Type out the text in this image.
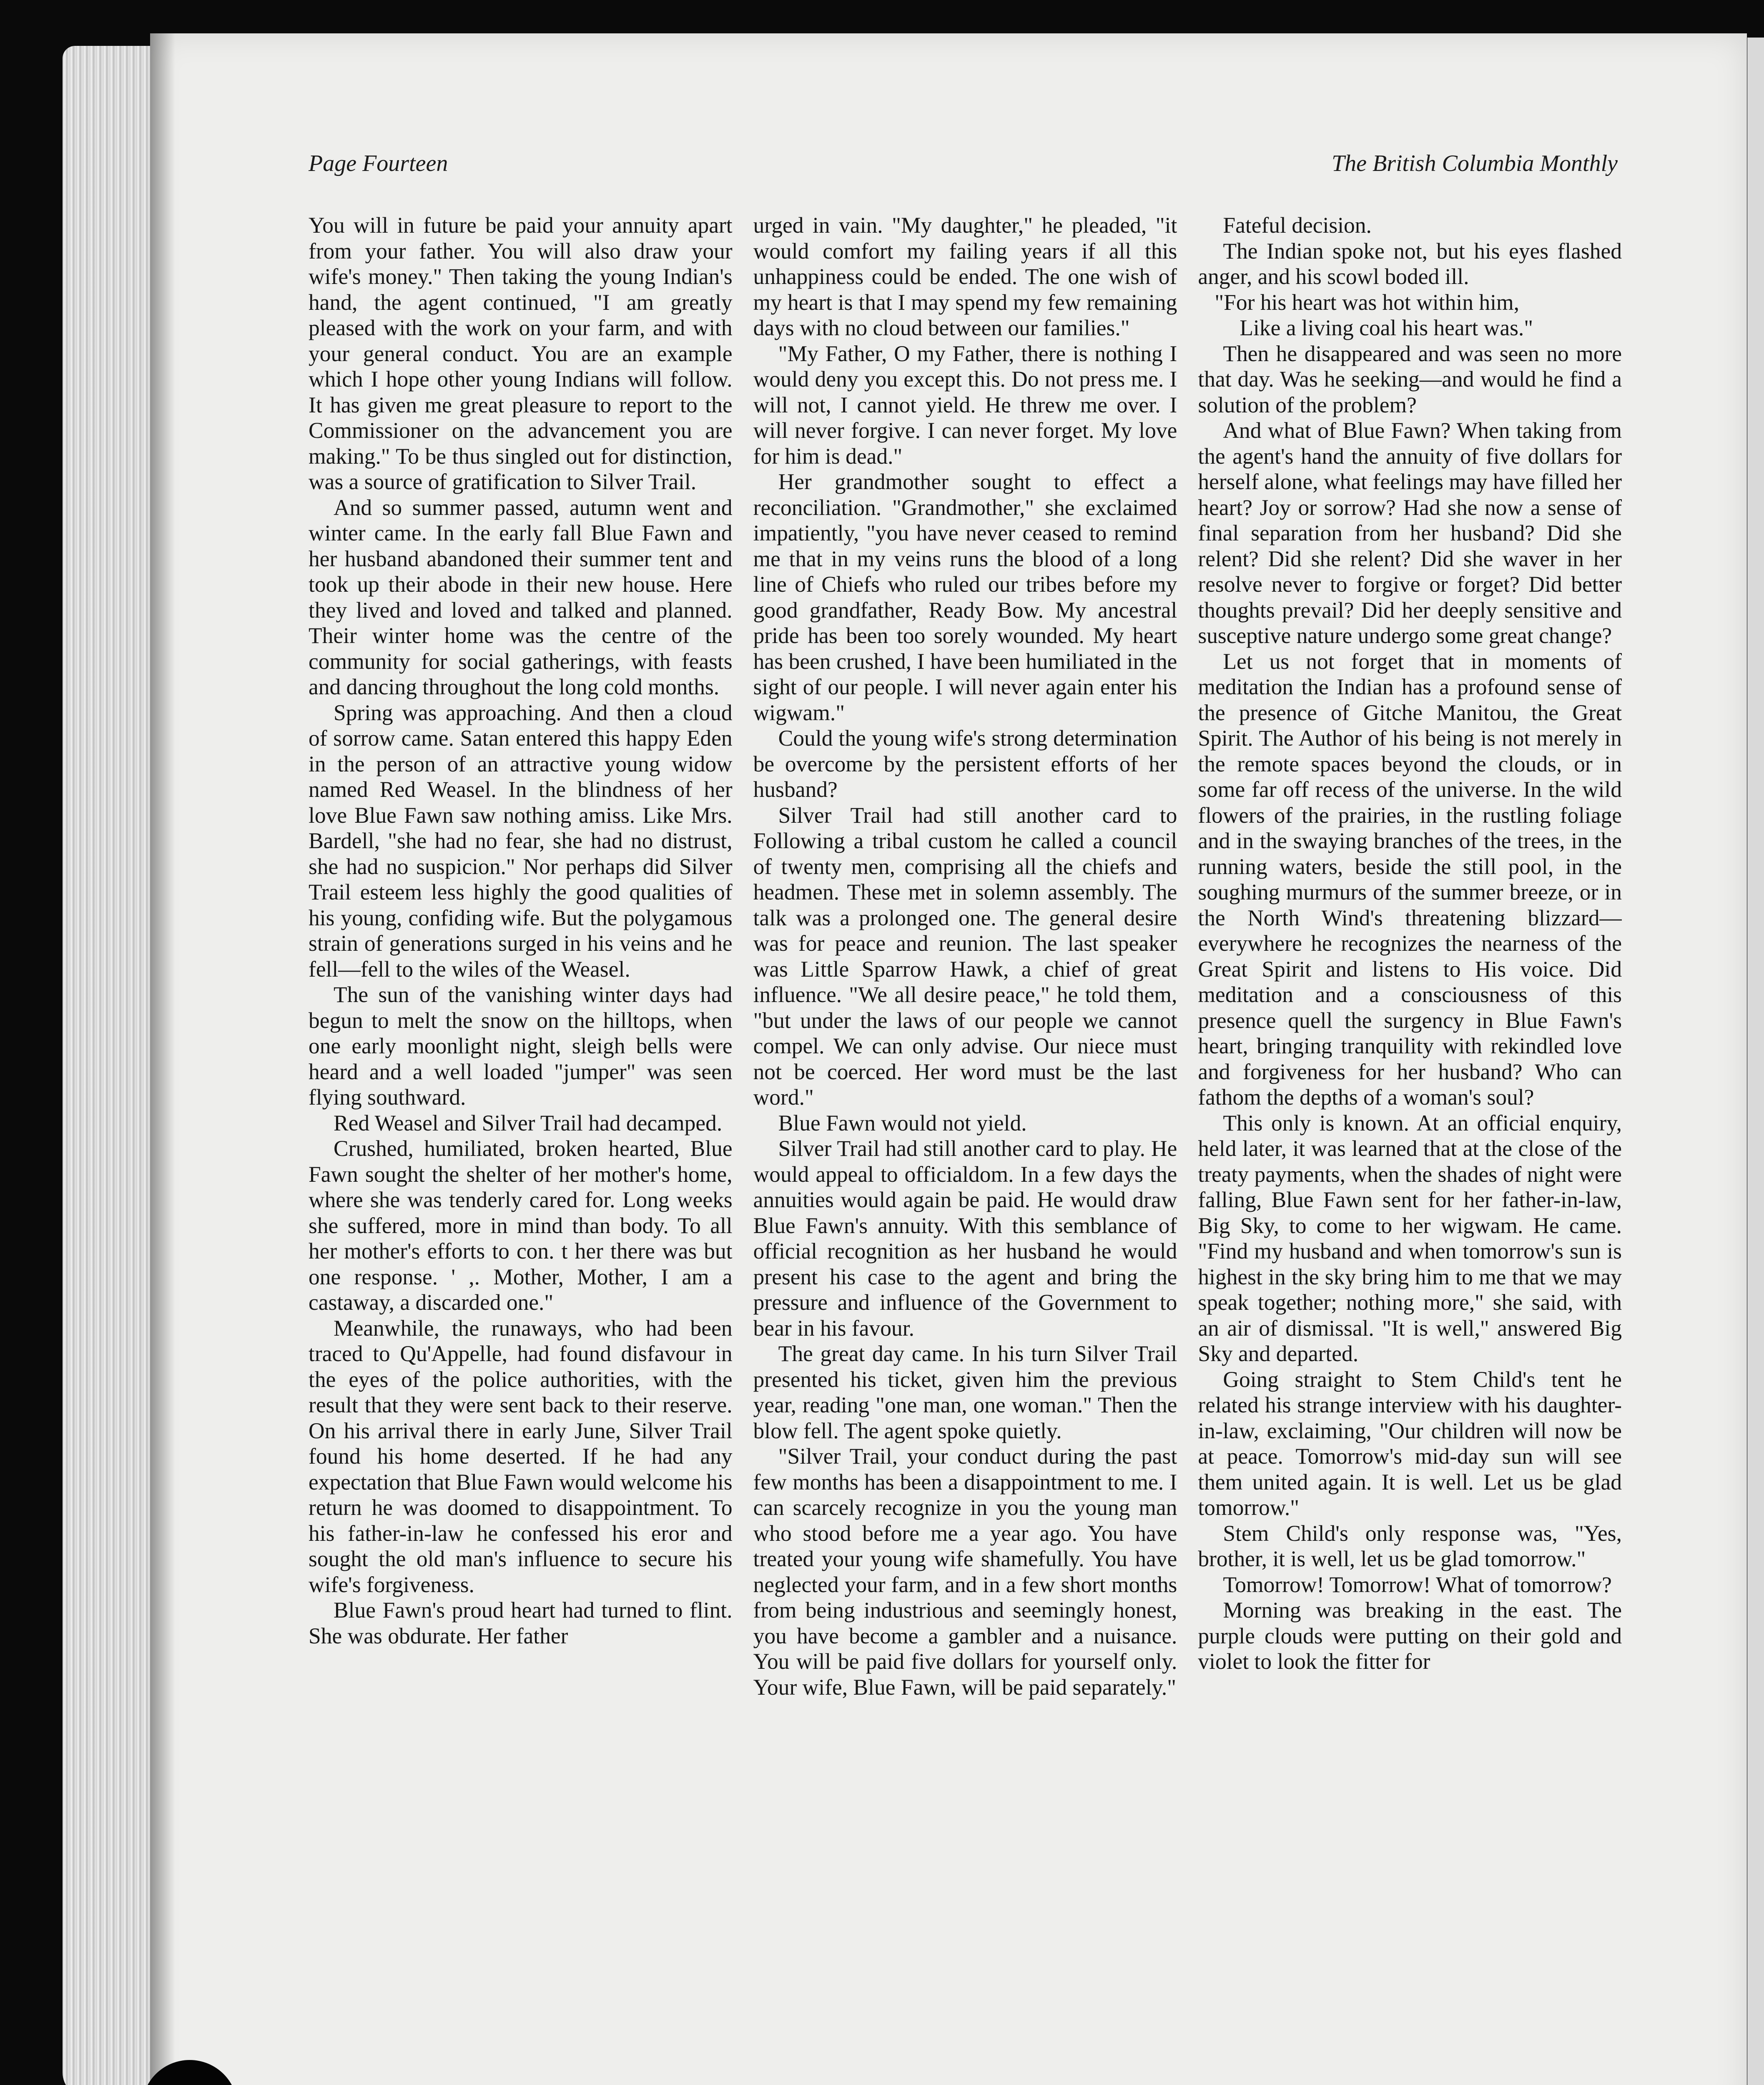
Page Fourteen	The British Columbia Monthly

You will in future be paid your annuity apart from your father. You will also draw your wife's money." Then taking the young Indian's hand, the agent continued, "I am greatly pleased with the work on your farm, and with your general conduct. You are an example which I hope other young Indians will follow. It has given me great pleasure to report to the Commissioner on the advancement you are making." To be thus singled out for distinction, was a source of gratification to Silver Trail.

And so summer passed, autumn went and winter came. In the early fall Blue Fawn and her husband abandoned their summer tent and took up their abode in their new house. Here they lived and loved and talked and planned. Their winter home was the centre of the community for social gatherings, with feasts and dancing throughout the long cold months.

Spring was approaching. And then a cloud of sorrow came. Satan entered this happy Eden in the person of an attractive young widow named Red Weasel. In the blindness of her love Blue Fawn saw nothing amiss. Like Mrs. Bardell, "she had no fear, she had no distrust, she had no suspicion." Nor perhaps did Silver Trail esteem less highly the good qualities of his young, confiding wife. But the polygamous strain of generations surged in his veins and he fell—fell to the wiles of the Weasel.

The sun of the vanishing winter days had begun to melt the snow on the hilltops, when one early moonlight night, sleigh bells were heard and a well loaded "jumper" was seen flying southward.

Red Weasel and Silver Trail had decamped.

Crushed, humiliated, broken hearted, Blue Fawn sought the shelter of her mother's home, where she was tenderly cared for. Long weeks she suffered, more in mind than body. To all her mother's efforts to con. t her there was but one response. ' ,. Mother, Mother, I am a castaway, a discarded one."

Meanwhile, the runaways, who had been traced to Qu'Appelle, had found disfavour in the eyes of the police authorities, with the result that they were sent back to their reserve. On his arrival there in early June, Silver Trail found his home deserted. If he had any expectation that Blue Fawn would welcome his return he was doomed to disappointment. To his father-in-law he confessed his eror and sought the old man's influence to secure his wife's forgiveness.

Blue Fawn's proud heart had turned to flint. She was obdurate. Her father

urged in vain. "My daughter," he pleaded, "it would comfort my failing years if all this unhappiness could be ended. The one wish of my heart is that I may spend my few remaining days with no cloud between our families."

"My Father, O my Father, there is nothing I would deny you except this. Do not press me. I will not, I cannot yield. He threw me over. I will never forgive. I can never forget. My love for him is dead."

Her grandmother sought to effect a reconciliation. "Grandmother," she exclaimed impatiently, "you have never ceased to remind me that in my veins runs the blood of a long line of Chiefs who ruled our tribes before my good grandfather, Ready Bow. My ancestral pride has been too sorely wounded. My heart has been crushed, I have been humiliated in the sight of our people. I will never again enter his wigwam."

Could the young wife's strong determination be overcome by the persistent efforts of her husband?

Silver Trail had still another card to Following a tribal custom he called a council of twenty men, comprising all the chiefs and headmen. These met in solemn assembly. The talk was a prolonged one. The general desire was for peace and reunion. The last speaker was Little Sparrow Hawk, a chief of great influence. "We all desire peace," he told them, "but under the laws of our people we cannot compel. We can only advise. Our niece must not be coerced. Her word must be the last word."

Blue Fawn would not yield.

Silver Trail had still another card to play. He would appeal to officialdom. In a few days the annuities would again be paid. He would draw Blue Fawn's annuity. With this semblance of official recognition as her husband he would present his case to the agent and bring the pressure and influence of the Government to bear in his favour.

The great day came. In his turn Silver Trail presented his ticket, given him the previous year, reading "one man, one woman." Then the blow fell. The agent spoke quietly.

"Silver Trail, your conduct during the past few months has been a disappointment to me. I can scarcely recognize in you the young man who stood before me a year ago. You have treated your young wife shamefully. You have neglected your farm, and in a few short months from being industrious and seemingly honest, you have become a gambler and a nuisance. You will be paid five dollars for yourself only. Your wife, Blue Fawn, will be paid separately."

Fateful decision.

The Indian spoke not, but his eyes flashed anger, and his scowl boded ill.

"For his heart was hot within him,

Like a living coal his heart was."

Then he disappeared and was seen no more that day. Was he seeking—and would he find a solution of the problem?

And what of Blue Fawn? When taking from the agent's hand the annuity of five dollars for herself alone, what feelings may have filled her heart? Joy or sorrow? Had she now a sense of final separation from her husband? Did she relent? Did she relent? Did she waver in her resolve never to forgive or forget? Did better thoughts prevail? Did her deeply sensitive and susceptive nature undergo some great change?

Let us not forget that in moments of meditation the Indian has a profound sense of the presence of Gitche Manitou, the Great Spirit. The Author of his being is not merely in the remote spaces beyond the clouds, or in some far off recess of the universe. In the wild flowers of the prairies, in the rustling foliage and in the swaying branches of the trees, in the running waters, beside the still pool, in the soughing murmurs of the summer breeze, or in the North Wind's threatening blizzard—everywhere he recognizes the nearness of the Great Spirit and listens to His voice. Did meditation and a consciousness of this presence quell the surgency in Blue Fawn's heart, bringing tranquility with rekindled love and forgiveness for her husband? Who can fathom the depths of a woman's soul?

This only is known. At an official enquiry, held later, it was learned that at the close of the treaty payments, when the shades of night were falling, Blue Fawn sent for her father-in-law, Big Sky, to come to her wigwam. He came. "Find my husband and when tomorrow's sun is highest in the sky bring him to me that we may speak together; nothing more," she said, with an air of dismissal. "It is well," answered Big Sky and departed.

Going straight to Stem Child's tent he related his strange interview with his daughter-in-law, exclaiming, "Our children will now be at peace. Tomorrow's mid-day sun will see them united again. It is well. Let us be glad tomorrow."

Stem Child's only response was, "Yes, brother, it is well, let us be glad tomorrow."

Tomorrow! Tomorrow! What of tomorrow?

Morning was breaking in the east. The purple clouds were putting on their gold and violet to look the fitter for
